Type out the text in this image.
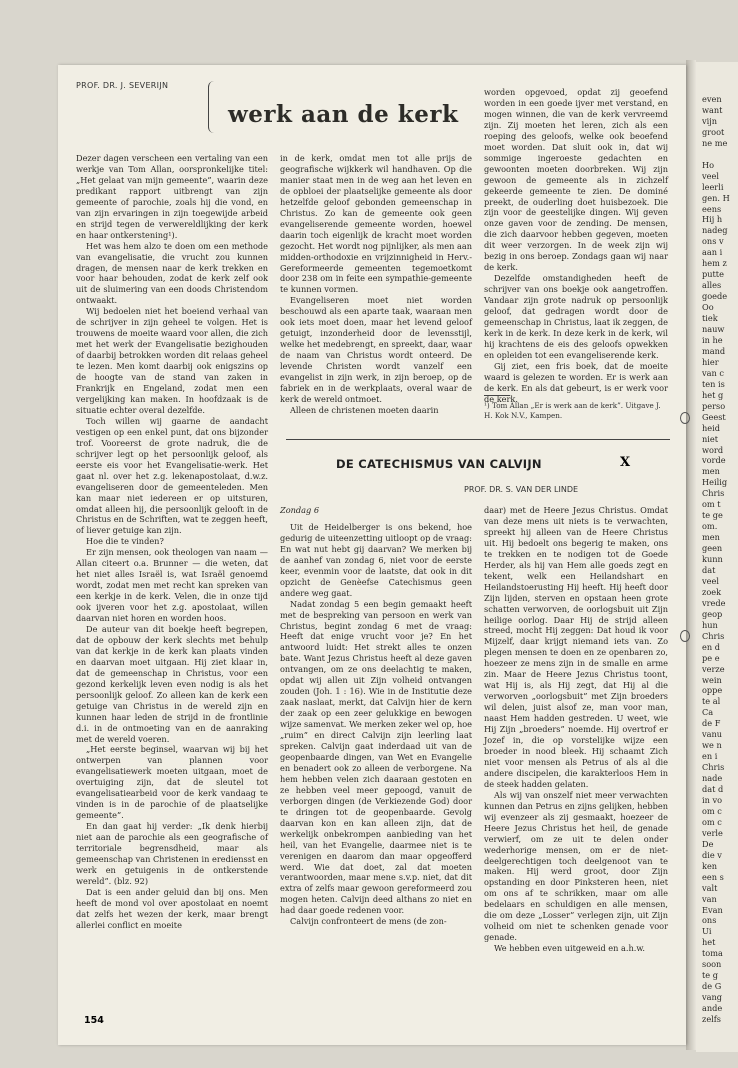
PROF. DR. J. SEVERIJN
werk aan de kerk

Dezer dagen verscheen een vertaling van een werkje van Tom Allan, oorspronkelijke titel: „Het gelaat van mijn gemeente”, waarin deze predikant rapport uitbrengt van zijn gemeente of parochie, zoals hij die vond, en van zijn ervaringen in zijn toegewijde arbeid en strijd tegen de verwereldlijking der kerk en haar ontkerstening¹).

Het was hem alzo te doen om een methode van evangelisatie, die vrucht zou kunnen dragen, de mensen naar de kerk trekken en voor haar behouden, zodat de kerk zelf ook uit de sluimering van een doods Christendom ontwaakt.

Wij bedoelen niet het boeiend verhaal van de schrijver in zijn geheel te volgen. Het is trouwens de moeite waard voor allen, die zich met het werk der Evangelisatie bezighouden of daarbij betrokken worden dit relaas geheel te lezen. Men komt daarbij ook enigszins op de hoogte van de stand van zaken in Frankrijk en Engeland, zodat men een vergelijking kan maken. In hoofdzaak is de situatie echter overal dezelfde.

Toch willen wij gaarne de aandacht vestigen op een enkel punt, dat ons bijzonder trof. Vooreerst de grote nadruk, die de schrijver legt op het persoonlijk geloof, als eerste eis voor het Evangelisatie-werk. Het gaat nl. over het z.g. lekenapostolaat, d.w.z. evangeliseren door de gemeenteleden. Men kan maar niet iedereen er op uitsturen, omdat alleen hij, die persoonlijk gelooft in de Christus en de Schriften, wat te zeggen heeft, of liever getuige kan zijn.

Hoe die te vinden?

Er zijn mensen, ook theologen van naam — Allan citeert o.a. Brunner — die weten, dat het niet alles Israël is, wat Israël genoemd wordt, zodat men met recht kan spreken van een kerkje in de kerk. Velen, die in onze tijd ook ijveren voor het z.g. apostolaat, willen daarvan niet horen en worden hoos.

De auteur van dit boekje heeft begrepen, dat de opbouw der kerk slechts met behulp van dat kerkje in de kerk kan plaats vinden en daarvan moet uitgaan. Hij ziet klaar in, dat de gemeenschap in Christus, voor een gezond kerkelijk leven even nodig is als het persoonlijk geloof. Zo alleen kan de kerk een getuige van Christus in de wereld zijn en kunnen haar leden de strijd in de frontlinie d.i. in de ontmoeting van en de aanraking met de wereld voeren.

„Het eerste beginsel, waarvan wij bij het ontwerpen van plannen voor evangelisatiewerk moeten uitgaan, moet de overtuiging zijn, dat de sleutel tot evangelisatiearbeid voor de kerk vandaag te vinden is in de parochie of de plaatselijke gemeente”.

En dan gaat hij verder: „Ik denk hierbij niet aan de parochie als een geografische of territoriale begrensdheid, maar als gemeenschap van Christenen in erediensst en werk en getuigenis in de ontkerstende wereld”. (blz. 92)

Dat is een ander geluid dan bij ons. Men heeft de mond vol over apostolaat en noemt dat zelfs het wezen der kerk, maar brengt allerlei conflict en moeite

in de kerk, omdat men tot alle prijs de geografische wijkkerk wil handhaven. Op die manier staat men in de weg aan het leven en de opbloei der plaatselijke gemeente als door hetzelfde geloof gebonden gemeenschap in Christus. Zo kan de gemeente ook geen evangeliserende gemeente worden, hoewel daarin toch eigenlijk de kracht moet worden gezocht. Het wordt nog pijnlijker, als men aan midden-orthodoxie en vrijzinnigheid in Herv.-Gereformeerde gemeenten tegemoetkomt door 238 om in feite een sympathie-gemeente te kunnen vormen.

Evangeliseren moet niet worden beschouwd als een aparte taak, waaraan men ook iets moet doen, maar het levend geloof getuigt, inzonderheid door de levensstijl, welke het medebrengt, en spreekt, daar, waar de naam van Christus wordt onteerd. De levende Christen wordt vanzelf een evangelist in zijn werk, in zijn beroep, op de fabriek en in de werkplaats, overal waar de kerk de wereld ontmoet.

Alleen de christenen moeten daarin

worden opgevoed, opdat zij geoefend worden in een goede ijver met verstand, en mogen winnen, die van de kerk vervreemd zijn. Zij moeten het leren, zich als een roeping des geloofs, welke ook beoefend moet worden. Dat sluit ook in, dat wij sommige ingeroeste gedachten en gewoonten moeten doorbreken. Wij zijn gewoon de gemeente als in zichzelf gekeerde gemeente te zien. De dominé preekt, de ouderling doet huisbezoek. Die zijn voor de geestelijke dingen. Wij geven onze gaven voor de zending. De mensen, die zich daarvoor hebben gegeven, moeten dit weer verzorgen. In de week zijn wij bezig in ons beroep. Zondags gaan wij naar de kerk.

Dezelfde omstandigheden heeft de schrijver van ons boekje ook aangetroffen. Vandaar zijn grote nadruk op persoonlijk geloof, dat gedragen wordt door de gemeenschap in Christus, laat ik zeggen, de kerk in de kerk. In deze kerk in de kerk, wil hij krachtens de eis des geloofs opwekken en opleiden tot een evangeliserende kerk.

Gij ziet, een fris boek, dat de moeite waard is gelezen te worden. Er is werk aan de kerk. En als dat gebeurt, is er werk voor de kerk.

¹) Tom Allan „Er is werk aan de kerk”. Uitgave J. H. Kok N.V., Kampen.
DE CATECHISMUS VAN CALVIJN	X
PROF. DR. S. VAN DER LINDE

Zondag 6

Uit de Heidelberger is ons bekend, hoe gedurig de uiteenzetting uitloopt op de vraag: En wat nut hebt gij daarvan? We merken bij de aanhef van zondag 6, niet voor de eerste keer, evenmin voor de laatste, dat ook in dit opzicht de Genèefse Catechismus geen andere weg gaat.

Nadat zondag 5 een begin gemaakt heeft met de bespreking van persoon en werk van Christus, begint zondag 6 met de vraag: Heeft dat enige vrucht voor je? En het antwoord luidt: Het strekt alles te onzen bate. Want Jezus Christus heeft al deze gaven ontvangen, om ze ons deelachtig te maken, opdat wij allen uit Zijn volheid ontvangen zouden (Joh. 1 : 16). Wie in de Institutie deze zaak naslaat, merkt, dat Calvijn hier de kern der zaak op een zeer gelukkige en bewogen wijze samenvat. We merken zeker wel op, hoe „ruim” en direct Calvijn zijn leerling laat spreken. Calvijn gaat inderdaad uit van de geopenbaarde dingen, van Wet en Evangelie en benadert ook zo alleen de verborgene. Na hem hebben velen zich daaraan gestoten en ze hebben veel meer gepoogd, vanuit de verborgen dingen (de Verkiezende God) door te dringen tot de geopenbaarde. Gevolg daarvan kon en kan alleen zijn, dat de werkelijk onbekrompen aanbieding van het heil, van het Evangelie, daarmee niet is te verenigen en daarom dan maar opgeofferd werd. Wie dat doet, zal dat moeten verantwoorden, maar mene s.v.p. niet, dat dit extra of zelfs maar gewoon gereformeerd zou mogen heten. Calvijn deed althans zo niet en had daar goede redenen voor.

Calvijn confronteert de mens (de zon-

daar) met de Heere Jezus Christus. Omdat van deze mens uit niets is te verwachten, spreekt hij alleen van de Heere Christus uit. Hij bedoelt ons begerig te maken, ons te trekken en te nodigen tot de Goede Herder, als hij van Hem alle goeds zegt en tekent, welk een Heilandshart en Heilandstoerusting Hij heeft. Hij heeft door Zijn lijden, sterven en opstaan heen grote schatten verworven, de oorlogsbuit uit Zijn heilige oorlog. Daar Hij de strijd alleen streed, mocht Hij zeggen: Dat houd ik voor Mijzelf, daar krijgt niemand iets van. Zo plegen mensen te doen en ze openbaren zo, hoezeer ze mens zijn in de smalle en arme zin. Maar de Heere Jezus Christus toont, wat Hij is, als Hij zegt, dat Hij al die verworven „oorlogsbuit” met Zijn broeders wil delen, juist alsof ze, man voor man, naast Hem hadden gestreden. U weet, wie Hij Zijn „broeders” noemde. Hij overtrof er Jozef in, die op vorstelijke wijze een broeder in nood bleek. Hij schaamt Zich niet voor mensen als Petrus of als al die andere discipelen, die karakterloos Hem in de steek hadden gelaten.

Als wij van onszelf niet meer verwachten kunnen dan Petrus en zijns gelijken, hebben wij evenzeer als zij gesmaakt, hoezeer de Heere Jezus Christus het heil, de genade verwierf, om ze uit te delen onder wederhorige mensen, om er de niet-deelgerechtigen toch deelgenoot van te maken. Hij werd groot, door Zijn opstanding en door Pinksteren heen, niet om ons af te schrikken, maar om alle bedelaars en schuldigen en alle mensen, die om deze „Losser” verlegen zijn, uit Zijn volheid om niet te schenken genade voor genade.

We hebben even uitgeweid en a.h.w.

154
even
want
vijn
groot
ne me

Ho
veel
leerli
gen. H
eens
Hij h
nadeg
ons v
aan i
hem z
putte
alles
goede
Oo
tiek
nauw
in he
mand
hier
van c
ten is
het g
perso
Geest
heid
niet
word
vorde
men
Heilig
Chris
om t
te ge
om.
men
geen
kunn
dat
veel
zoek
vrede
geop
hun
Chris
en d
pe e
verze
wein
oppe
te al
Ca
de F
vanu
we n
en i
Chris
nade
dat d
in vo
om c
om c
verle
De
die v
ken
een s
valt
van
Evan
ons
Ui
het
toma
soon
te g
de G
vang
ande
zelfs
